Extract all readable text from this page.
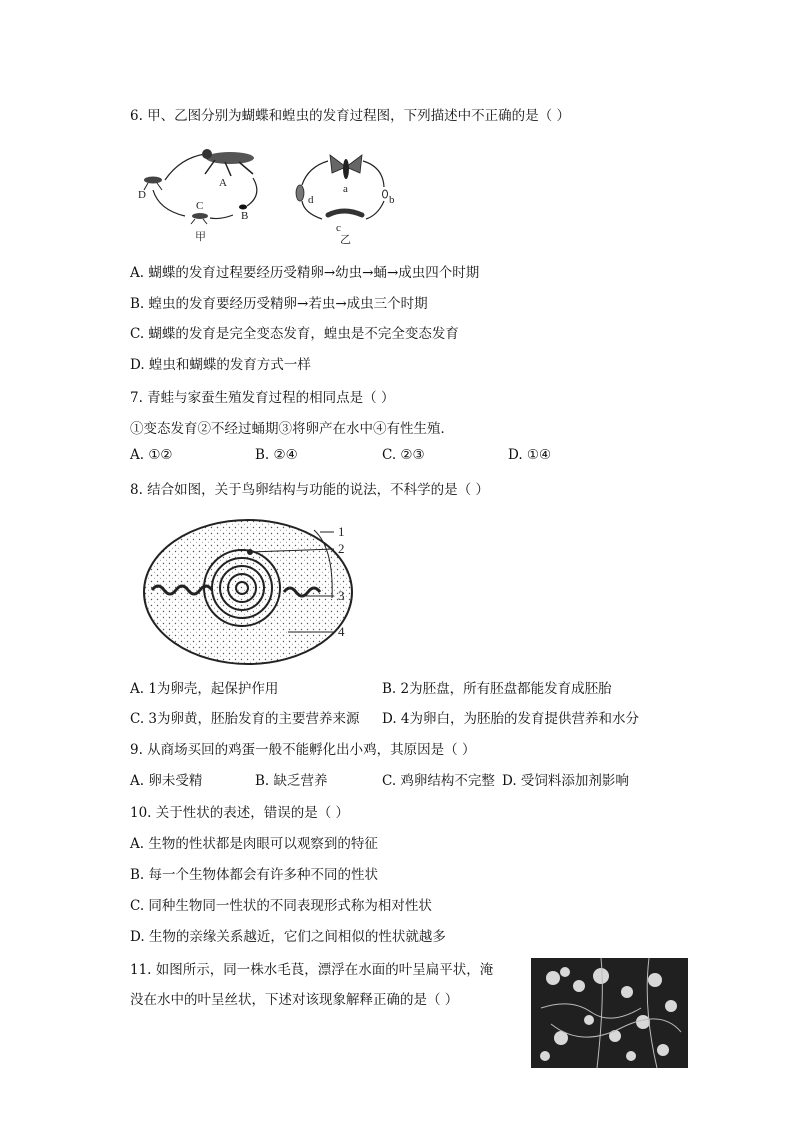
6. 甲、乙图分别为蝴蝶和蝗虫的发育过程图，下列描述中不正确的是（ ）
A
B
C
D
甲
a
b
c
d
乙
A. 蝴蝶的发育过程要经历受精卵→幼虫→蛹→成虫四个时期
B. 蝗虫的发育要经历受精卵→若虫→成虫三个时期
C. 蝴蝶的发育是完全变态发育，蝗虫是不完全变态发育
D. 蝗虫和蝴蝶的发育方式一样
7. 青蛙与家蚕生殖发育过程的相同点是（ ）
①变态发育②不经过蛹期③将卵产在水中④有性生殖．
A. ①②	B. ②④	C. ②③	D. ①④
8. 结合如图，关于鸟卵结构与功能的说法，不科学的是（ ）
1
2
3
4
A. 1为卵壳，起保护作用	B. 2为胚盘，所有胚盘都能发育成胚胎
C. 3为卵黄，胚胎发育的主要营养来源 D. 4为卵白，为胚胎的发育提供营养和水分
9. 从商场买回的鸡蛋一般不能孵化出小鸡，其原因是（ ）
A. 卵未受精	B. 缺乏营养	C. 鸡卵结构不完整 D. 受饲料添加剂影响
10. 关于性状的表述，错误的是（ ）
A. 生物的性状都是肉眼可以观察到的特征
B. 每一个生物体都会有许多种不同的性状
C. 同种生物同一性状的不同表现形式称为相对性状
D. 生物的亲缘关系越近，它们之间相似的性状就越多
11. 如图所示，同一株水毛茛，漂浮在水面的叶呈扁平状，淹
没在水中的叶呈丝状，下述对该现象解释正确的是（ ）
